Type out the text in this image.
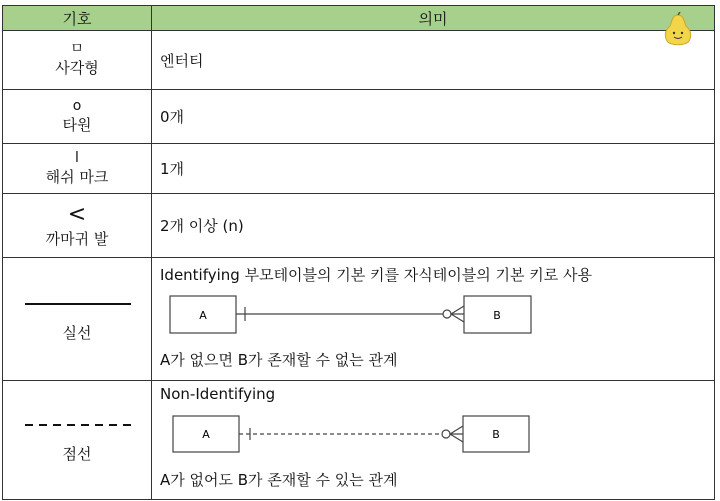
기호	의미

ㅁ
사각형	엔터티

o
타원	0개

l
해쉬 마크	1개

<
까마귀 발	2개 이상 (n)

실선	Identifying 부모테이블의 기본 키를 자식테이블의 기본 키로 사용
A B
A가 없으면 B가 존재할 수 없는 관계

점선	Non-Identifying
A B
A가 없어도 B가 존재할 수 있는 관계
